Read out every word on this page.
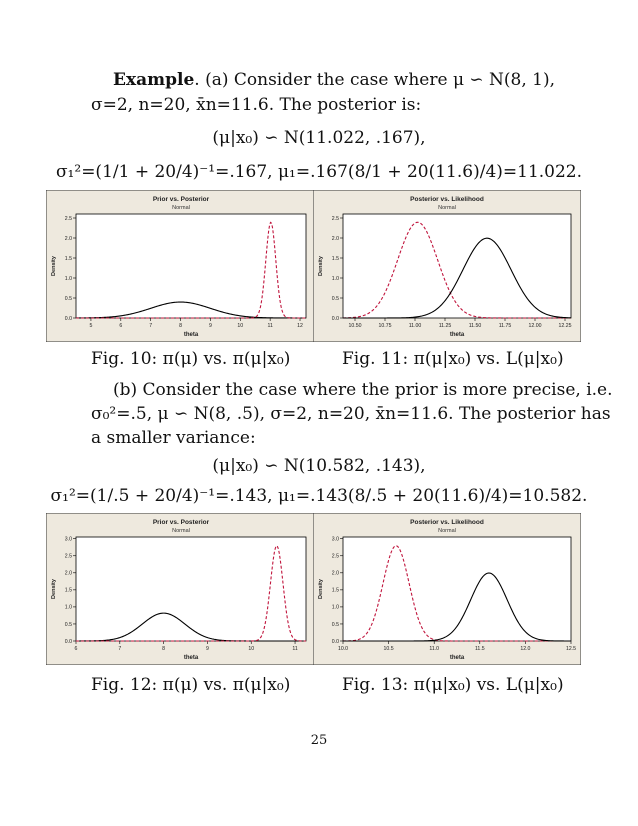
Example. (a) Consider the case where μ ∽ N(8, 1),
σ=2, n=20, x̄n=11.6. The posterior is:
(μ|x₀) ∽ N(11.022, .167),
σ₁²=(1/1 + 20/4)⁻¹=.167, μ₁=.167(8/1 + 20(11.6)/4)=11.022.
Prior vs. Posterior
Normal
theta
Density
5	6	7	8	9	10	11	12
0.0
0.5
1.0
1.5
2.0
2.5
Posterior vs. Likelihood
Normal
theta
Density
10.50	10.75	11.00	11.25	11.50	11.75	12.00	12.25
0.0
0.5
1.0
1.5
2.0
2.5
Fig. 10: π(μ) vs. π(μ|x₀)	Fig. 11: π(μ|x₀) vs. L(μ|x₀)
(b) Consider the case where the prior is more precise, i.e.
σ₀²=.5, μ ∽ N(8, .5), σ=2, n=20, x̄n=11.6. The posterior has
a smaller variance:
(μ|x₀) ∽ N(10.582, .143),
σ₁²=(1/.5 + 20/4)⁻¹=.143, μ₁=.143(8/.5 + 20(11.6)/4)=10.582.
Prior vs. Posterior
Normal
theta
Density
6	7	8	9	10	11
0.0
0.5
1.0
1.5
2.0
2.5
3.0
Posterior vs. Likelihood
Normal
theta
Density
10.0	10.5	11.0	11.5	12.0	12.5
0.0
0.5
1.0
1.5
2.0
2.5
3.0
Fig. 12: π(μ) vs. π(μ|x₀)	Fig. 13: π(μ|x₀) vs. L(μ|x₀)
25
